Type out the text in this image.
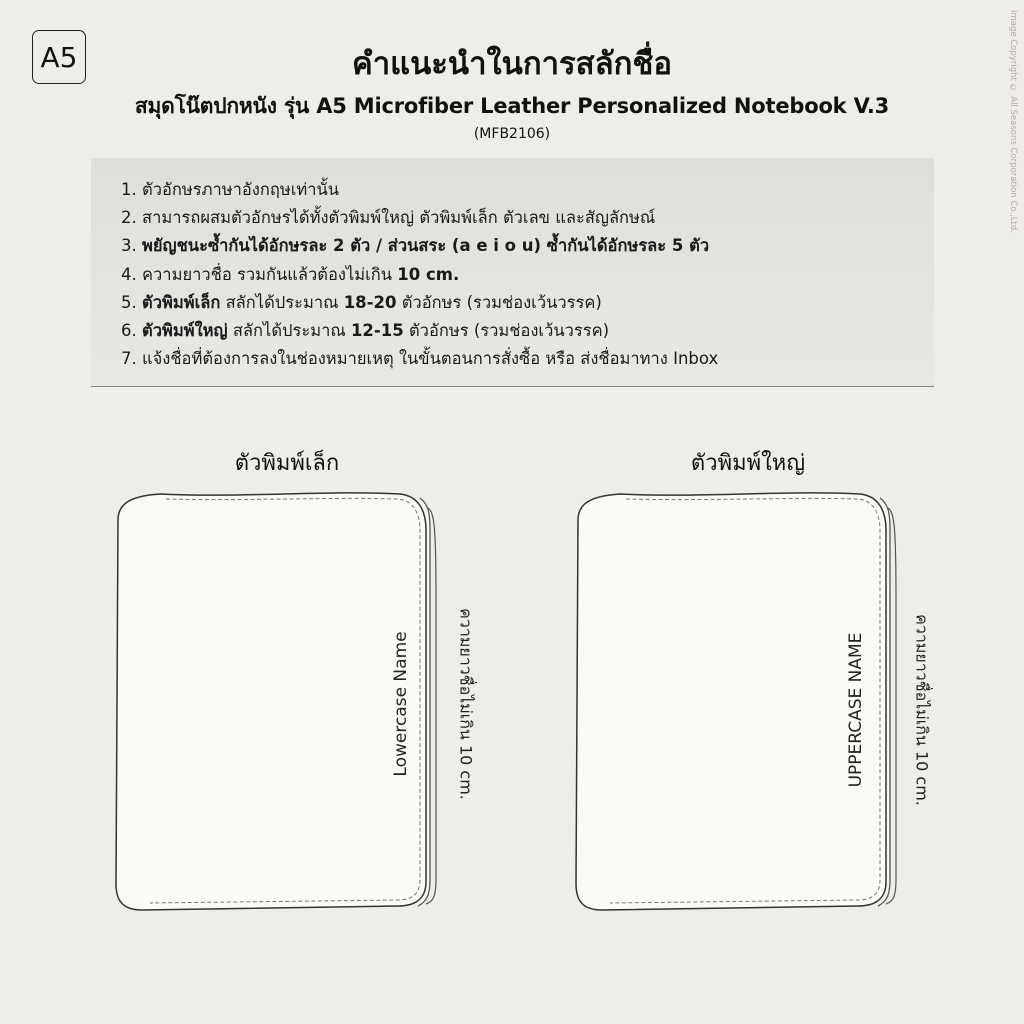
A5	คำแนะนำในการสลักชื่อ
สมุดโน๊ตปกหนัง รุ่น A5 Microfiber Leather Personalized Notebook V.3
(MFB2106)	Image Copyright © All Seasons Corporation Co.,Ltd.
1. ตัวอักษรภาษาอังกฤษเท่านั้น
2. สามารถผสมตัวอักษรได้ทั้งตัวพิมพ์ใหญ่ ตัวพิมพ์เล็ก ตัวเลข และสัญลักษณ์
3. พยัญชนะซ้ำกันได้อักษรละ 2 ตัว / ส่วนสระ (a e i o u) ซ้ำกันได้อักษรละ 5 ตัว
4. ความยาวชื่อ รวมกันแล้วต้องไม่เกิน 10 cm.
5. ตัวพิมพ์เล็ก สลักได้ประมาณ 18-20 ตัวอักษร (รวมช่องเว้นวรรค)
6. ตัวพิมพ์ใหญ่ สลักได้ประมาณ 12-15 ตัวอักษร (รวมช่องเว้นวรรค)
7. แจ้งชื่อที่ต้องการลงในช่องหมายเหตุ ในขั้นตอนการสั่งซื้อ หรือ ส่งชื่อมาทาง Inbox
ตัวพิมพ์เล็ก	ตัวพิมพ์ใหญ่
Lowercase Name	ความยาวชื่อไม่เกิน 10 cm.	UPPERCASE NAME	ความยาวชื่อไม่เกิน 10 cm.
